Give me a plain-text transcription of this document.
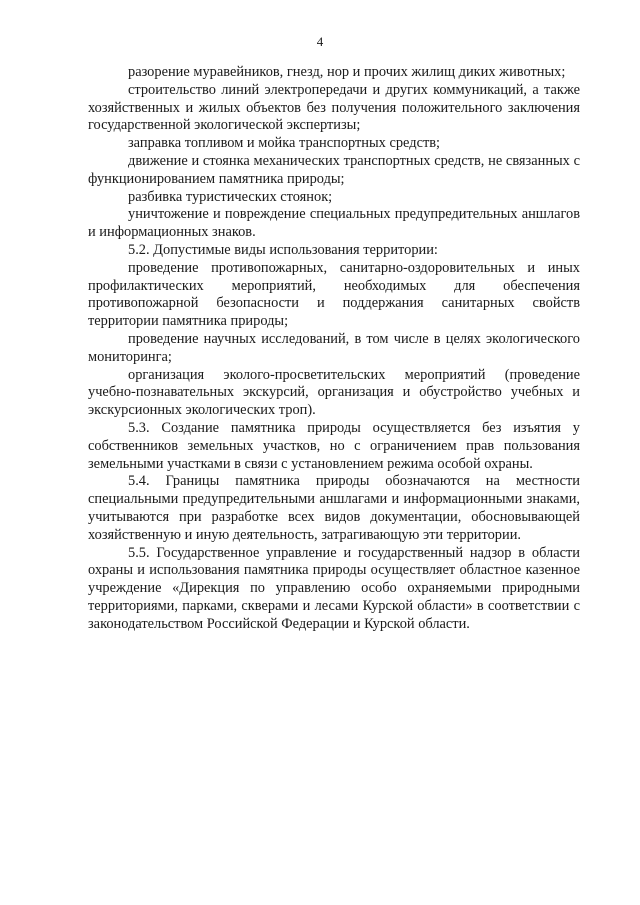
4

разорение муравейников, гнезд, нор и прочих жилищ диких животных;

строительство линий электропередачи и других коммуникаций, а также хозяйственных и жилых объектов без получения положительного заключения государственной экологической экспертизы;

заправка топливом и мойка транспортных средств;

движение и стоянка механических транспортных средств, не связанных с функционированием памятника природы;

разбивка туристических стоянок;

уничтожение и повреждение специальных предупредительных аншлагов и информационных знаков.

5.2. Допустимые виды использования территории:

проведение противопожарных, санитарно-оздоровительных и иных профилактических мероприятий, необходимых для обеспечения противопожарной безопасности и поддержания санитарных свойств территории памятника природы;

проведение научных исследований, в том числе в целях экологического мониторинга;

организация эколого-просветительских мероприятий (проведение учебно-познавательных экскурсий, организация и обустройство учебных и экскурсионных экологических троп).

5.3. Создание памятника природы осуществляется без изъятия у собственников земельных участков, но с ограничением прав пользования земельными участками в связи с установлением режима особой охраны.

5.4. Границы памятника природы обозначаются на местности специальными предупредительными аншлагами и информационными знаками, учитываются при разработке всех видов документации, обосновывающей хозяйственную и иную деятельность, затрагивающую эти территории.

5.5. Государственное управление и государственный надзор в области охраны и использования памятника природы осуществляет областное казенное учреждение «Дирекция по управлению особо охраняемыми природными территориями, парками, скверами и лесами Курской области» в соответствии с законодательством Российской Федерации и Курской области.
